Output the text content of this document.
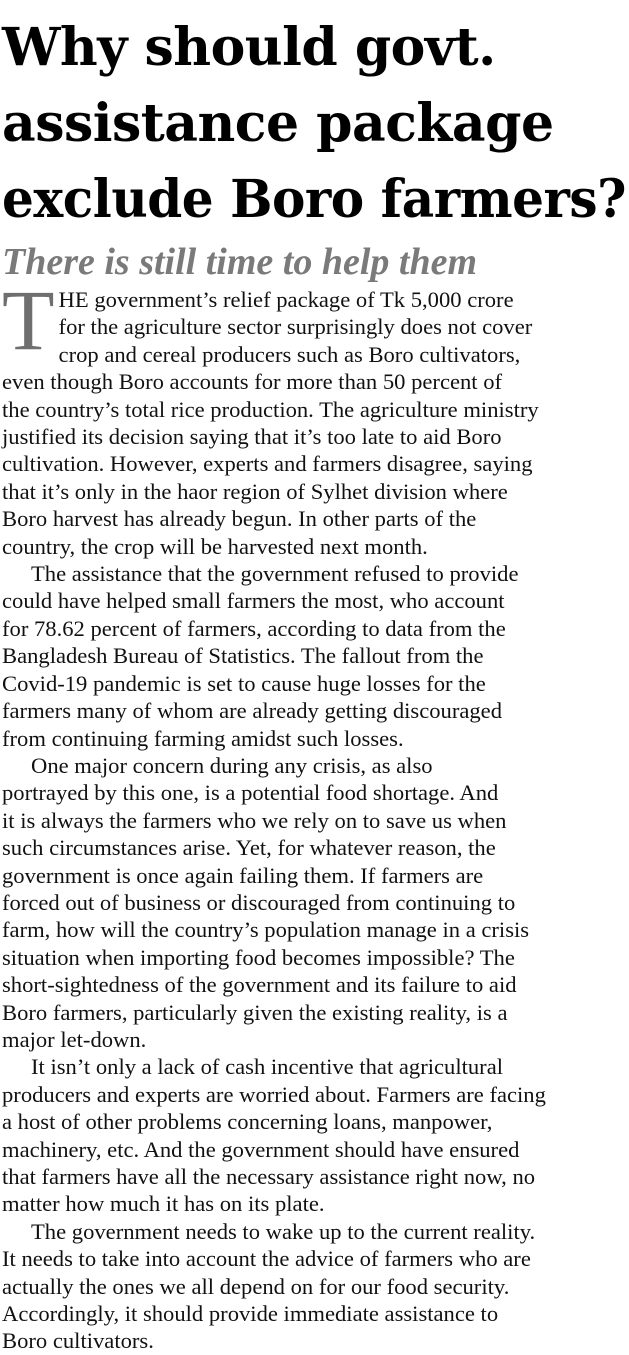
Why should govt.
assistance package
exclude Boro farmers?
There is still time to help them
T HE government’s relief package of Tk 5,000 crore
for the agriculture sector surprisingly does not cover
crop and cereal producers such as Boro cultivators,
even though Boro accounts for more than 50 percent of
the country’s total rice production. The agriculture ministry
justified its decision saying that it’s too late to aid Boro
cultivation. However, experts and farmers disagree, saying
that it’s only in the haor region of Sylhet division where
Boro harvest has already begun. In other parts of the
country, the crop will be harvested next month.
The assistance that the government refused to provide
could have helped small farmers the most, who account
for 78.62 percent of farmers, according to data from the
Bangladesh Bureau of Statistics. The fallout from the
Covid-19 pandemic is set to cause huge losses for the
farmers many of whom are already getting discouraged
from continuing farming amidst such losses.
One major concern during any crisis, as also
portrayed by this one, is a potential food shortage. And
it is always the farmers who we rely on to save us when
such circumstances arise. Yet, for whatever reason, the
government is once again failing them. If farmers are
forced out of business or discouraged from continuing to
farm, how will the country’s population manage in a crisis
situation when importing food becomes impossible? The
short-sightedness of the government and its failure to aid
Boro farmers, particularly given the existing reality, is a
major let-down.
It isn’t only a lack of cash incentive that agricultural
producers and experts are worried about. Farmers are facing
a host of other problems concerning loans, manpower,
machinery, etc. And the government should have ensured
that farmers have all the necessary assistance right now, no
matter how much it has on its plate.
The government needs to wake up to the current reality.
It needs to take into account the advice of farmers who are
actually the ones we all depend on for our food security.
Accordingly, it should provide immediate assistance to
Boro cultivators.
